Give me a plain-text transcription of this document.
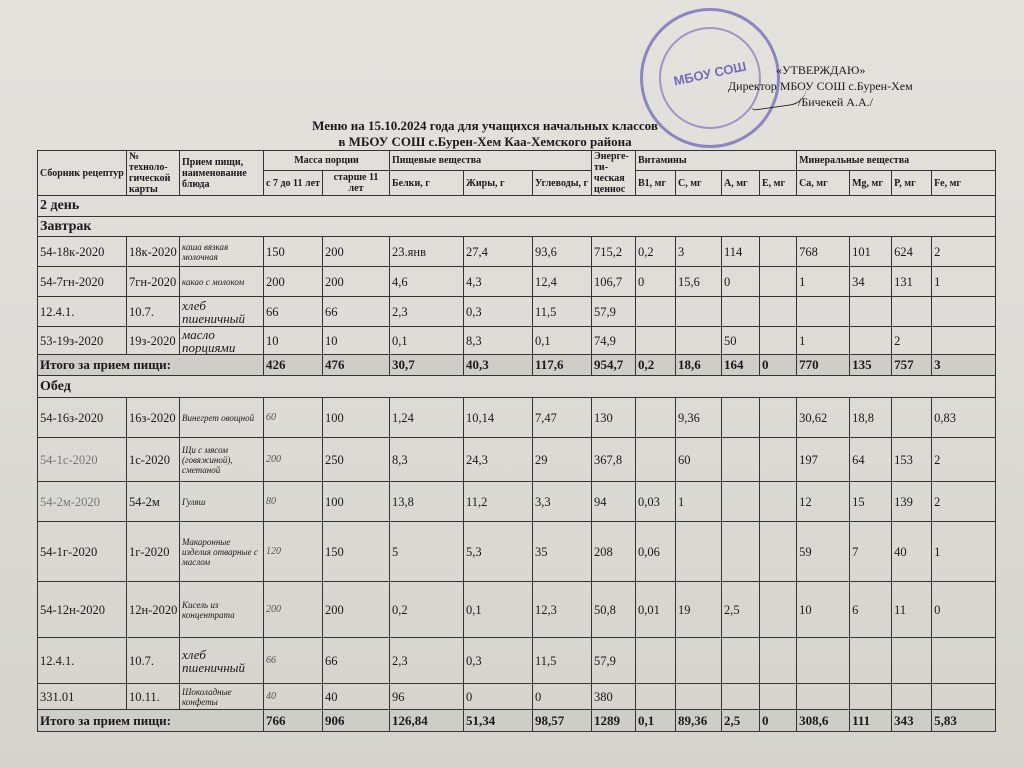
МБОУ СОШ	«УТВЕРЖДАЮ»
Директор МБОУ СОШ с.Бурен-Хем
/Бичекей А.А./
Меню на 15.10.2024 года для учащихся начальных классов
в МБОУ СОШ с.Бурен-Хем Каа-Хемского района
Сборник рецептур	№ техноло-гической карты	Прием пищи, наименование блюда	Масса порции		Пищевые вещества			Энерге-ти-ческая ценнос	Витамины				Минеральные вещества			
			с 7 до 11 лет	старше 11 лет	Белки, г	Жиры, г	Углеводы, г		B1, мг	C, мг	A, мг	E, мг	Ca, мг	Mg, мг	P, мг	Fe, мг
2 день																
Завтрак																
54-18к-2020	18к-2020	каша вязкая молочная	150	200	23.янв	27,4	93,6	715,2	0,2	3	114		768	101	624	2
54-7гн-2020	7гн-2020	какао с молоком	200	200	4,6	4,3	12,4	106,7	0	15,6	0		1	34	131	1
12.4.1.	10.7.	хлеб пшеничный	66	66	2,3	0,3	11,5	57,9								
53-19з-2020	19з-2020	масло порциями	10	10	0,1	8,3	0,1	74,9			50		1		2	
Итого за прием пищи:			426	476	30,7	40,3	117,6	954,7	0,2	18,6	164	0	770	135	757	3
Обед																
54-16з-2020	16з-2020	Винегрет овощной	60	100	1,24	10,14	7,47	130		9,36			30,62	18,8		0,83
54-1с-2020	1с-2020	Щи с мясом (говяжиной), сметаной	200	250	8,3	24,3	29	367,8		60			197	64	153	2
54-2м-2020	54-2м	Гуляш	80	100	13,8	11,2	3,3	94	0,03	1			12	15	139	2
54-1г-2020	1г-2020	Макаронные изделия отварные с маслом	120	150	5	5,3	35	208	0,06				59	7	40	1
54-12н-2020	12н-2020	Кисель из концентрата	200	200	0,2	0,1	12,3	50,8	0,01	19	2,5		10	6	11	0
12.4.1.	10.7.	хлеб пшеничный	66	66	2,3	0,3	11,5	57,9								
331.01	10.11.	Шоколадные конфеты	40	40	96	0	0	380								
Итого за прием пищи:			766	906	126,84	51,34	98,57	1289	0,1	89,36	2,5	0	308,6	111	343	5,83
